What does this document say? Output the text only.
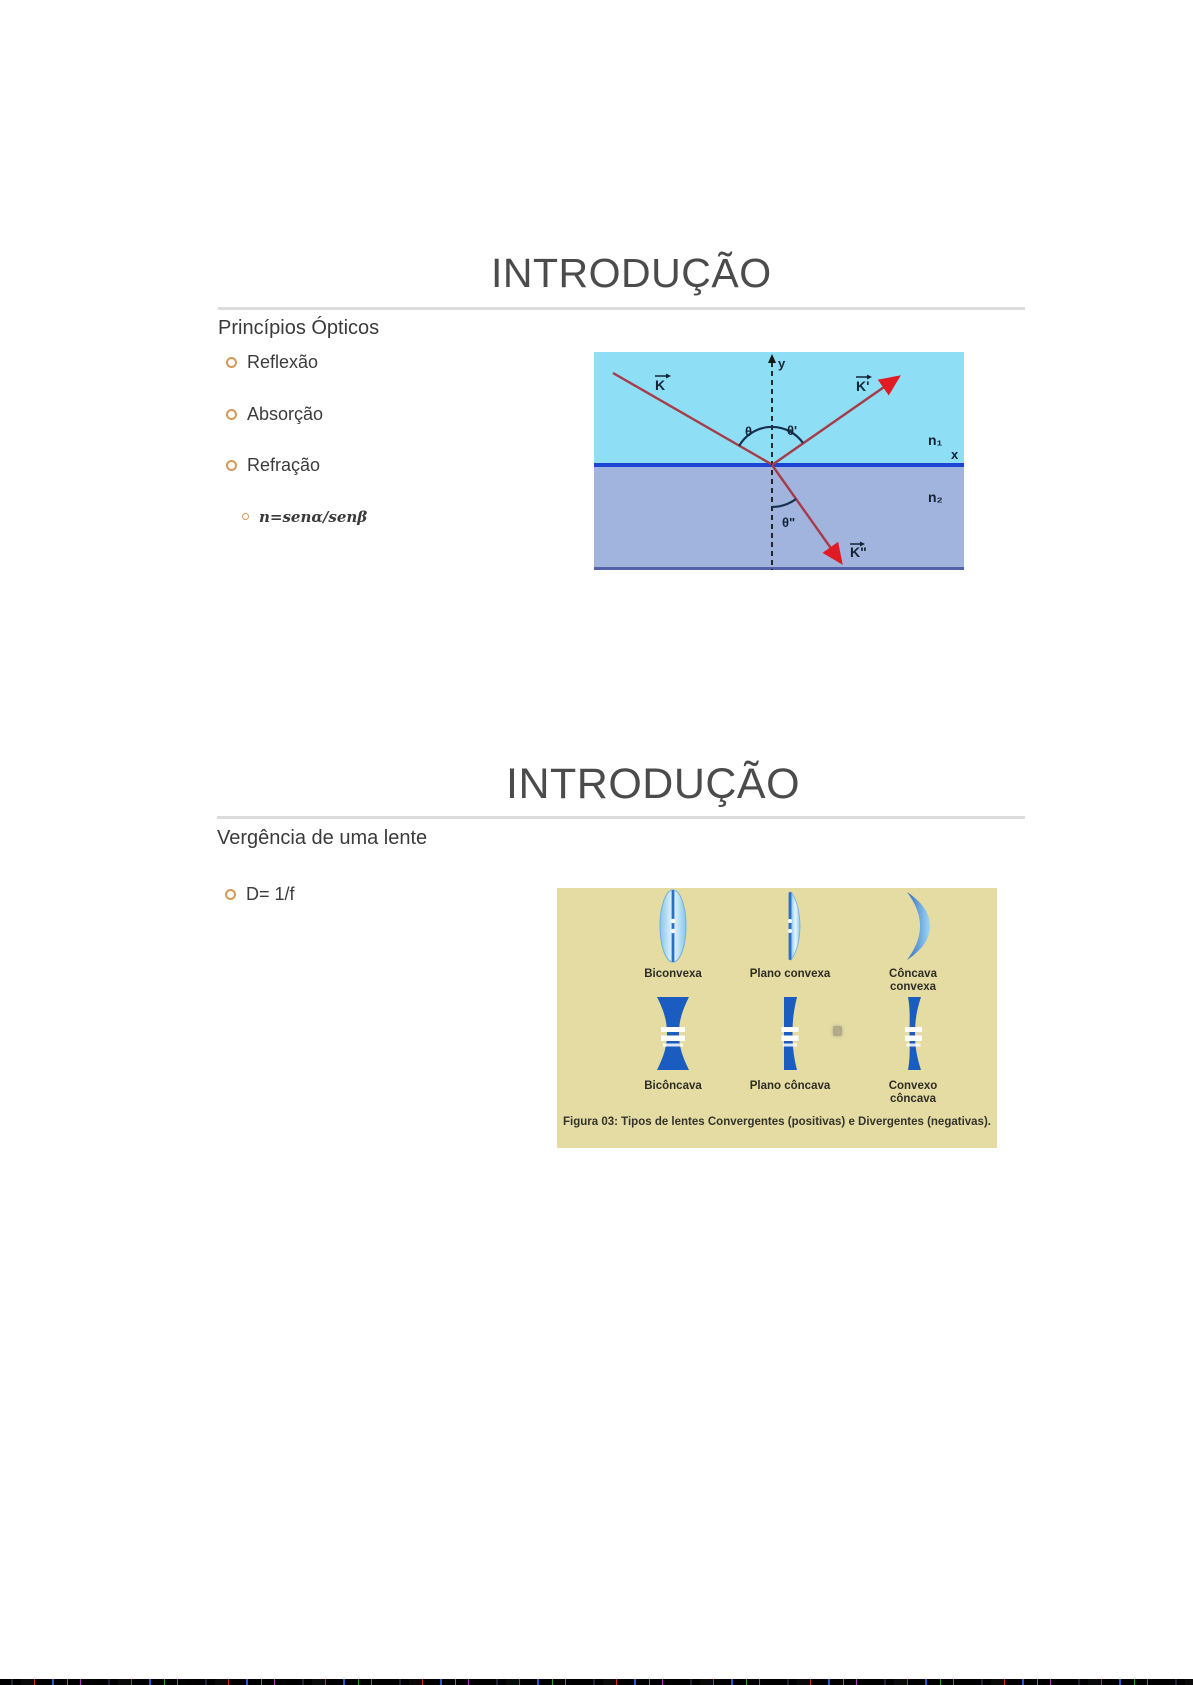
INTRODUÇÃO
Princípios Ópticos
Reflexão
Absorção
Refração
n=senα/senβ
y
x
K	K'
K"
θ	θ'
θ"
n₁
n₂
INTRODUÇÃO
Vergência de uma lente
D= 1/f
Biconvexa	Plano convexa	Côncava convexa
Bicôncava	Plano côncava	Convexo côncava
Figura 03: Tipos de lentes Convergentes (positivas) e Divergentes (negativas).
